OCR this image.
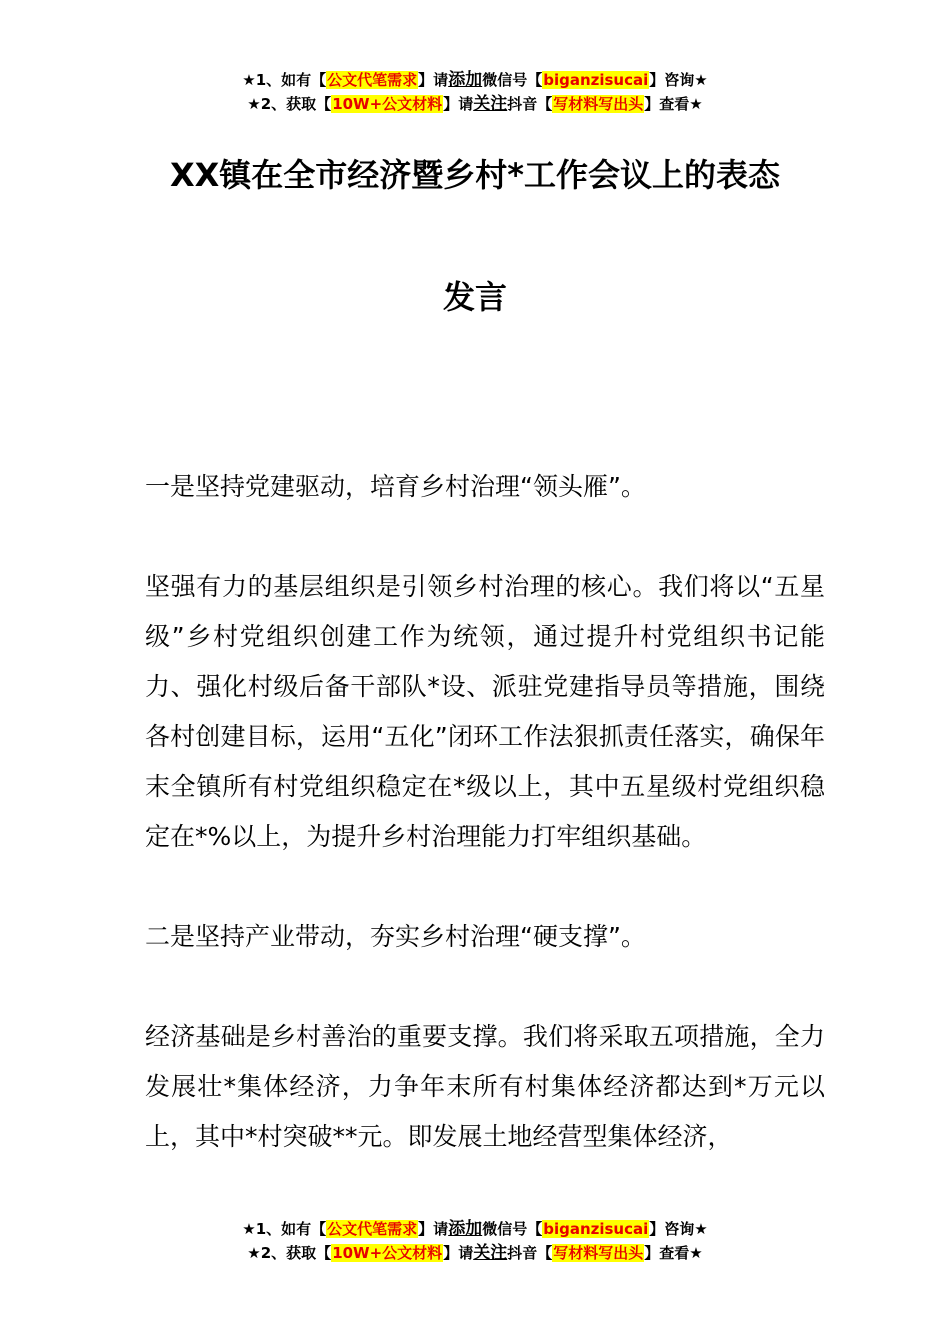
★1、如有【公文代笔需求】请添加微信号【biganzisucai】咨询★
★2、获取【10W+公文材料】请关注抖音【写材料写出头】查看★
XX镇在全市经济暨乡村*工作会议上的表态
发言

一是坚持党建驱动，培育乡村治理“领头雁”。

坚强有力的基层组织是引领乡村治理的核心。我们将以“五星级”乡村党组织创建工作为统领，通过提升村党组织书记能力、强化村级后备干部队*设、派驻党建指导员等措施，围绕各村创建目标，运用“五化”闭环工作法狠抓责任落实，确保年末全镇所有村党组织稳定在*级以上，其中五星级村党组织稳定在*%以上，为提升乡村治理能力打牢组织基础。

二是坚持产业带动，夯实乡村治理“硬支撑”。

经济基础是乡村善治的重要支撑。我们将采取五项措施，全力发展壮*集体经济，力争年末所有村集体经济都达到*万元以上，其中*村突破**元。即发展土地经营型集体经济，

★1、如有【公文代笔需求】请添加微信号【biganzisucai】咨询★
★2、获取【10W+公文材料】请关注抖音【写材料写出头】查看★
